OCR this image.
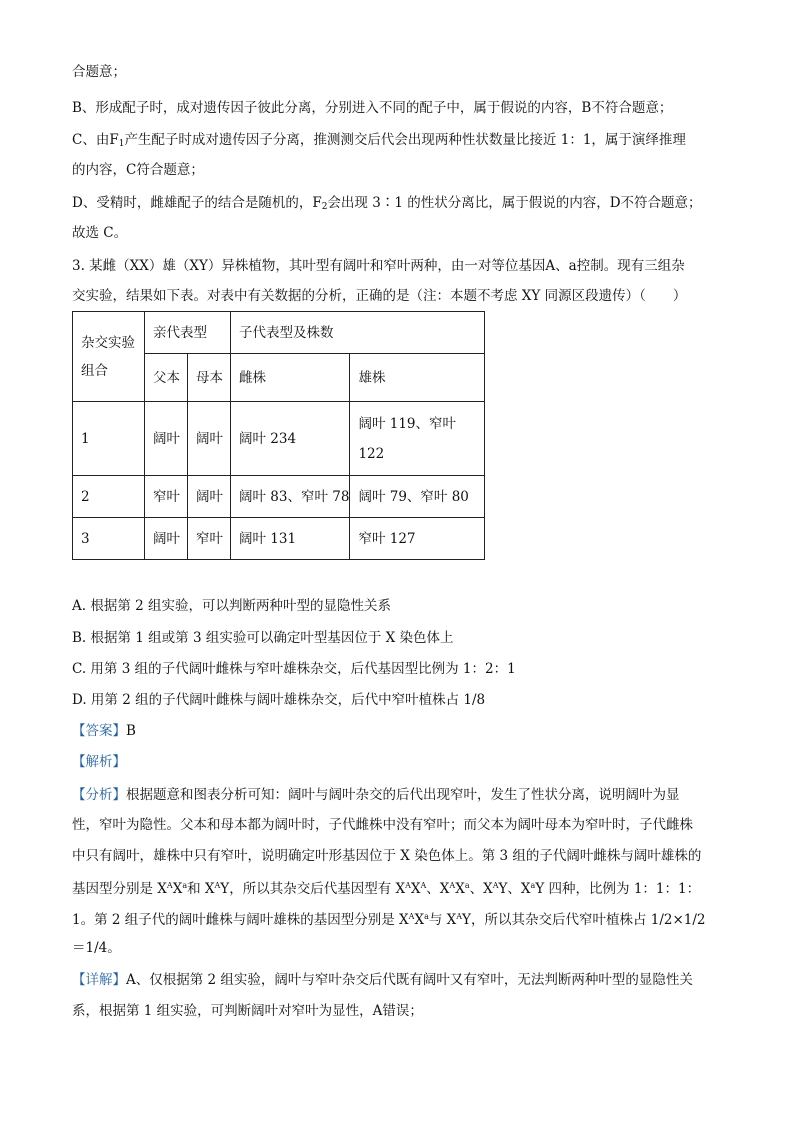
合题意；
B、形成配子时，成对遗传因子彼此分离，分别进入不同的配子中，属于假说的内容，B不符合题意；
C、由$F_1$产生配子时成对遗传因子分离，推测测交后代会出现两种性状数量比接近 1：1，属于演绎推理
的内容，C符合题意；
D、受精时，雌雄配子的结合是随机的，$F_2$会出现 3∶1 的性状分离比，属于假说的内容，D不符合题意；
故选 C。
3. 某雌（XX）雄（XY）异株植物，其叶型有阔叶和窄叶两种，由一对等位基因A、a控制。现有三组杂
交实验，结果如下表。对表中有关数据的分析，正确的是（注：本题不考虑 XY 同源区段遗传）（　　）
杂交实验
组合	亲代表型		子代表型及株数	
	父本	母本	雌株	雄株
1	阔叶	阔叶	阔叶 234	阔叶 119、窄叶
122

2	窄叶	阔叶	阔叶 83、窄叶 78	阔叶 79、窄叶 80
3	阔叶	窄叶	阔叶 131	窄叶 127
A. 根据第 2 组实验，可以判断两种叶型的显隐性关系
B. 根据第 1 组或第 3 组实验可以确定叶型基因位于 X 染色体上
C. 用第 3 组的子代阔叶雌株与窄叶雄株杂交，后代基因型比例为 1：2：1
D. 用第 2 组的子代阔叶雌株与阔叶雄株杂交，后代中窄叶植株占 1/8
【答案】B
【解析】
【分析】根据题意和图表分析可知：阔叶与阔叶杂交的后代出现窄叶，发生了性状分离，说明阔叶为显
性，窄叶为隐性。父本和母本都为阔叶时，子代雌株中没有窄叶；而父本为阔叶母本为窄叶时，子代雌株
中只有阔叶，雄株中只有窄叶，说明确定叶形基因位于 X 染色体上。第 3 组的子代阔叶雌株与阔叶雄株的
基因型分别是 $X^AX^a$和 $X^AY$，所以其杂交后代基因型有 $X^AX^A$、$X^AX^a$、$X^AY$、$X^aY$ 四种，比例为 1：1：1：
1。第 2 组子代的阔叶雌株与阔叶雄株的基因型分别是 $X^AX^a$与 $X^AY$，所以其杂交后代窄叶植株占 1/2×1/2
＝1/4。
【详解】A、仅根据第 2 组实验，阔叶与窄叶杂交后代既有阔叶又有窄叶，无法判断两种叶型的显隐性关
系，根据第 1 组实验，可判断阔叶对窄叶为显性，A错误；
